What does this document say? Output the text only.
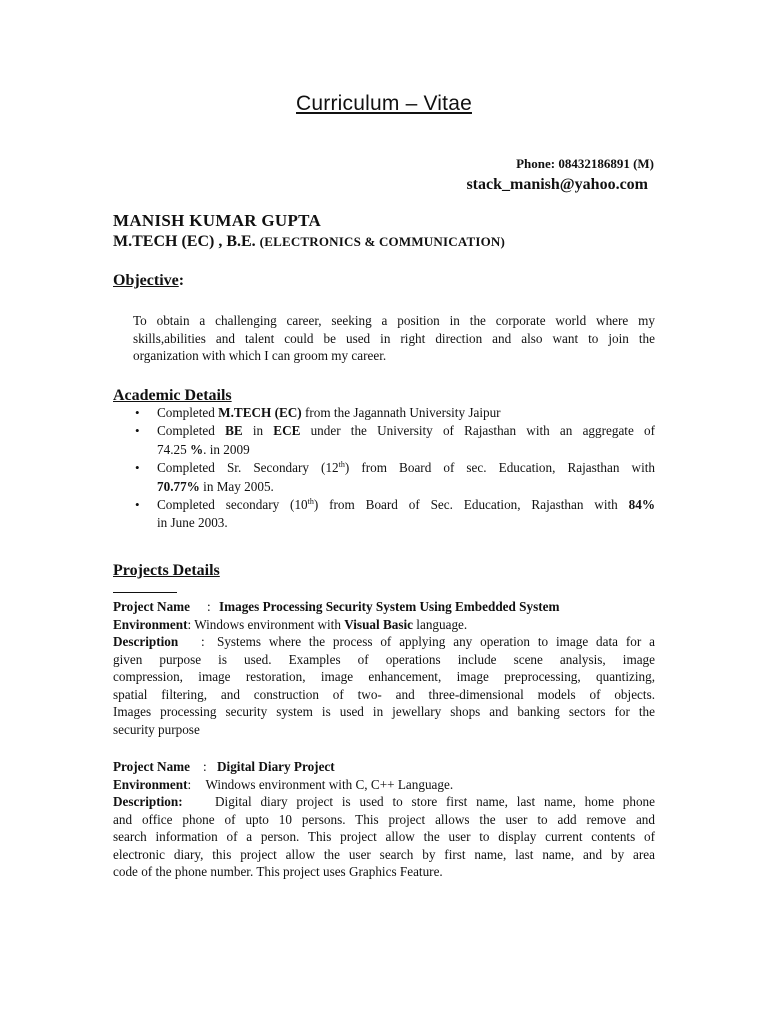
Curriculum – Vitae
Phone: 08432186891 (M)
stack_manish@yahoo.com
MANISH KUMAR GUPTA
M.TECH (EC) , B.E. (ELECTRONICS & COMMUNICATION)
Objective:
To obtain a challenging career, seeking a position in the corporate world where my
skills,abilities and talent could be used in right direction and also want to join the
organization with which I can groom my career.
Academic Details
• Completed M.TECH (EC) from the Jagannath University Jaipur
• Completed BE in ECE under the University of Rajasthan with an aggregate of
74.25 %. in 2009
• Completed Sr. Secondary (12th) from Board of sec. Education, Rajasthan with
70.77% in May 2005.
• Completed secondary (10th) from Board of Sec. Education, Rajasthan with 84%
in June 2003.
Projects Details
Project Name : Images Processing Security System Using Embedded System
Environment: Windows environment with Visual Basic language.
Description : Systems where the process of applying any operation to image data for a
given purpose is used. Examples of operations include scene analysis, image
compression, image restoration, image enhancement, image preprocessing, quantizing,
spatial filtering, and construction of two- and three-dimensional models of objects.
Images processing security system is used in jewellary shops and banking sectors for the
security purpose
Project Name : Digital Diary Project
Environment: Windows environment with C, C++ Language.
Description: Digital diary project is used to store first name, last name, home phone
and office phone of upto 10 persons. This project allows the user to add remove and
search information of a person. This project allow the user to display current contents of
electronic diary, this project allow the user search by first name, last name, and by area
code of the phone number. This project uses Graphics Feature.
